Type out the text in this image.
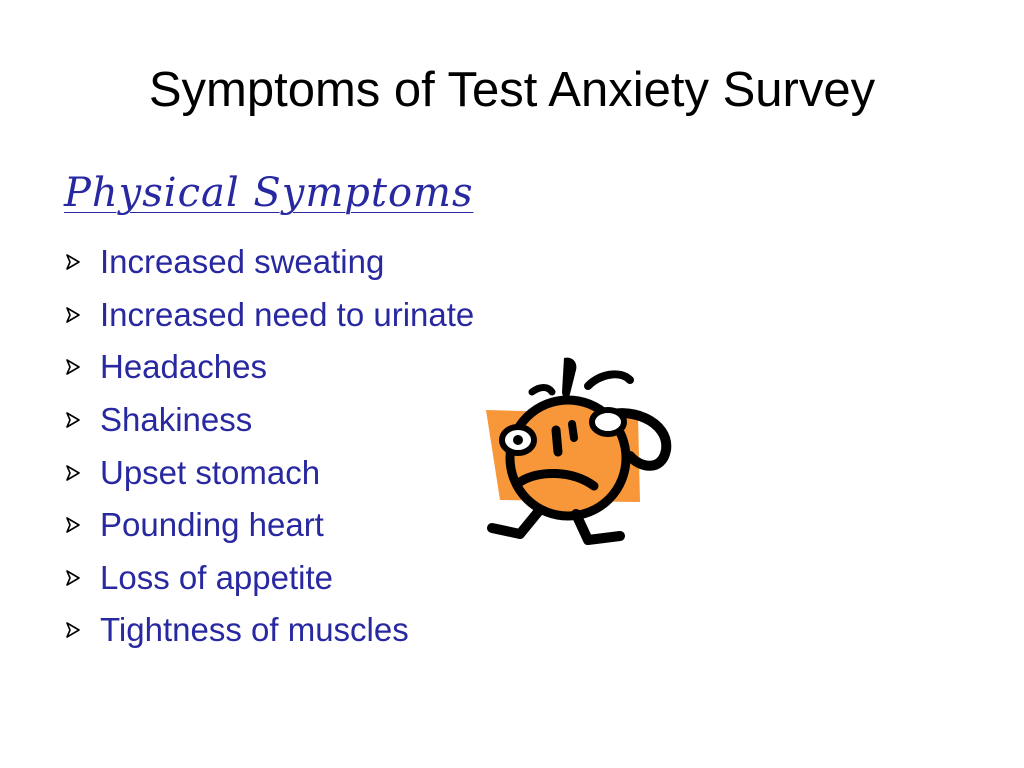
Symptoms of Test Anxiety Survey
Physical Symptoms
Increased sweating
Increased need to urinate
Headaches
Shakiness
Upset stomach
Pounding heart
Loss of appetite
Tightness of muscles
